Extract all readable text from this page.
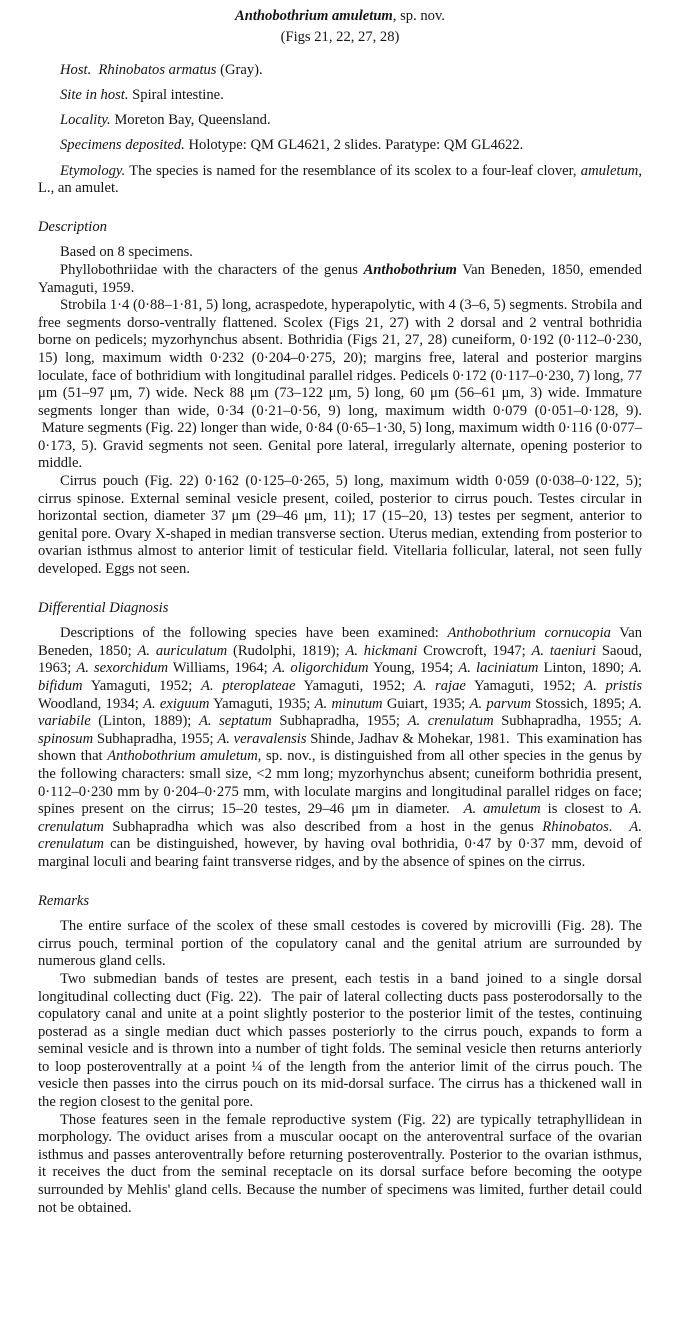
Anthobothrium amuletum, sp. nov.

(Figs 21, 22, 27, 28)

Host. Rhinobatos armatus (Gray).

Site in host. Spiral intestine.

Locality. Moreton Bay, Queensland.

Specimens deposited. Holotype: QM GL4621, 2 slides. Paratype: QM GL4622.

Etymology. The species is named for the resemblance of its scolex to a four-leaf clover, amuletum, L., an amulet.

Description

Based on 8 specimens.

Phyllobothriidae with the characters of the genus Anthobothrium Van Beneden, 1850, emended Yamaguti, 1959.

Strobila 1·4 (0·88–1·81, 5) long, acraspedote, hyperapolytic, with 4 (3–6, 5) segments. Strobila and free segments dorso-ventrally flattened. Scolex (Figs 21, 27) with 2 dorsal and 2 ventral bothridia borne on pedicels; myzorhynchus absent. Bothridia (Figs 21, 27, 28) cuneiform, 0·192 (0·112–0·230, 15) long, maximum width 0·232 (0·204–0·275, 20); margins free, lateral and posterior margins loculate, face of bothridium with longitudinal parallel ridges. Pedicels 0·172 (0·117–0·230, 7) long, 77 μm (51–97 μm, 7) wide. Neck 88 μm (73–122 μm, 5) long, 60 μm (56–61 μm, 3) wide. Immature segments longer than wide, 0·34 (0·21–0·56, 9) long, maximum width 0·079 (0·051–0·128, 9).  Mature segments (Fig. 22) longer than wide, 0·84 (0·65–1·30, 5) long, maximum width 0·116 (0·077–0·173, 5). Gravid segments not seen. Genital pore lateral, irregularly alternate, opening posterior to middle.

Cirrus pouch (Fig. 22) 0·162 (0·125–0·265, 5) long, maximum width 0·059 (0·038–0·122, 5); cirrus spinose. External seminal vesicle present, coiled, posterior to cirrus pouch. Testes circular in horizontal section, diameter 37 μm (29–46 μm, 11); 17 (15–20, 13) testes per segment, anterior to genital pore. Ovary X-shaped in median transverse section. Uterus median, extending from posterior to ovarian isthmus almost to anterior limit of testicular field. Vitellaria follicular, lateral, not seen fully developed. Eggs not seen.

Differential Diagnosis

Descriptions of the following species have been examined: Anthobothrium cornucopia Van Beneden, 1850; A. auriculatum (Rudolphi, 1819); A. hickmani Crowcroft, 1947; A. taeniuri Saoud, 1963; A. sexorchidum Williams, 1964; A. oligorchidum Young, 1954; A. laciniatum Linton, 1890; A. bifidum Yamaguti, 1952; A. pteroplateae Yamaguti, 1952; A. rajae Yamaguti, 1952; A. pristis Woodland, 1934; A. exiguum Yamaguti, 1935; A. minutum Guiart, 1935; A. parvum Stossich, 1895; A. variabile (Linton, 1889); A. septatum Subhapradha, 1955; A. crenulatum Subhapradha, 1955; A. spinosum Subhapradha, 1955; A. veravalensis Shinde, Jadhav & Mohekar, 1981.  This examination has shown that Anthobothrium amuletum, sp. nov., is distinguished from all other species in the genus by the following characters: small size, <2 mm long; myzorhynchus absent; cuneiform bothridia present, 0·112–0·230 mm by 0·204–0·275 mm, with loculate margins and longitudinal parallel ridges on face; spines present on the cirrus; 15–20 testes, 29–46 μm in diameter.  A. amuletum is closest to A. crenulatum Subhapradha which was also described from a host in the genus Rhinobatos.  A. crenulatum can be distinguished, however, by having oval bothridia, 0·47 by 0·37 mm, devoid of marginal loculi and bearing faint transverse ridges, and by the absence of spines on the cirrus.

Remarks

The entire surface of the scolex of these small cestodes is covered by microvilli (Fig. 28). The cirrus pouch, terminal portion of the copulatory canal and the genital atrium are surrounded by numerous gland cells.

Two submedian bands of testes are present, each testis in a band joined to a single dorsal longitudinal collecting duct (Fig. 22).  The pair of lateral collecting ducts pass posterodorsally to the copulatory canal and unite at a point slightly posterior to the posterior limit of the testes, continuing posterad as a single median duct which passes posteriorly to the cirrus pouch, expands to form a seminal vesicle and is thrown into a number of tight folds. The seminal vesicle then returns anteriorly to loop posteroventrally at a point ¼ of the length from the anterior limit of the cirrus pouch. The vesicle then passes into the cirrus pouch on its mid-dorsal surface. The cirrus has a thickened wall in the region closest to the genital pore.

Those features seen in the female reproductive system (Fig. 22) are typically tetraphyllidean in morphology. The oviduct arises from a muscular oocapt on the anteroventral surface of the ovarian isthmus and passes anteroventrally before returning posteroventrally. Posterior to the ovarian isthmus, it receives the duct from the seminal receptacle on its dorsal surface before becoming the ootype surrounded by Mehlis' gland cells. Because the number of specimens was limited, further detail could not be obtained.
